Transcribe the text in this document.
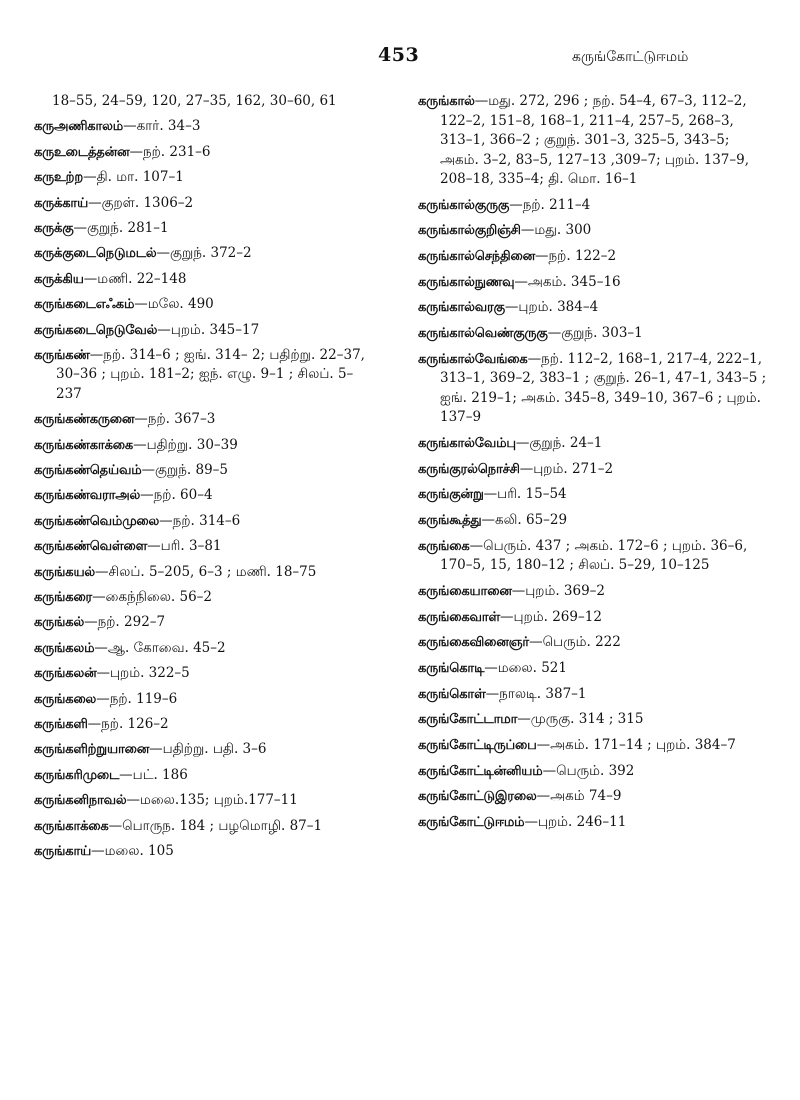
453	கருங்கோட்டுஈமம்
18–55, 24–59, 120, 27–35, 162, 30–60, 61
கருஅணிகாலம்—கார். 34–3
கருஉடைத்தன்ன—நற். 231–6
கருஉற்ற—தி. மா. 107–1
கருக்காய்—குறள். 1306–2
கருக்கு—குறுந். 281–1
கருக்குடைநெடுமடல்—குறுந். 372–2
கருக்கிய—மணி. 22–148
கருங்கடைஎஃகம்—மலே. 490
கருங்கடைநெடுவேல்—புறம். 345–17
கருங்கண்—நற். 314–6 ; ஐங். 314– 2; பதிற்று. 22–37, 30–36 ; புறம். 181–2; ஐந். எழு. 9–1 ; சிலப். 5–237
கருங்கண்கருனை—நற். 367–3
கருங்கண்காக்கை—பதிற்று. 30–39
கருங்கண்தெய்வம்—குறுந். 89–5
கருங்கண்வராஅல்—நற். 60–4
கருங்கண்வெம்முலை—நற். 314–6
கருங்கண்வெள்ளை—பரி. 3–81
கருங்கயல்—சிலப். 5–205, 6–3 ; மணி. 18–75
கருங்கரை—கைந்நிலை. 56–2
கருங்கல்—நற். 292–7
கருங்கலம்—ஆ. கோவை. 45–2
கருங்கலன்—புறம். 322–5
கருங்கலை—நற். 119–6
கருங்களி—நற். 126–2
கருங்களிற்றுயானை—பதிற்று. பதி. 3–6
கருங்கரிமுடை—பட். 186
கருங்கனிநாவல்—மலை.135; புறம்.177–11
கருங்காக்கை—பொருந. 184 ; பழமொழி. 87–1
கருங்காய்—மலை. 105
கருங்கால்—மது. 272, 296 ; நற். 54–4, 67–3, 112–2, 122–2, 151–8, 168–1, 211–4, 257–5, 268–3, 313–1, 366–2 ; குறுந். 301–3, 325–5, 343–5; அகம். 3–2, 83–5, 127–13 ,309–7; புறம். 137–9, 208–18, 335–4; தி. மொ. 16–1
கருங்கால்குருகு—நற். 211–4
கருங்கால்குறிஞ்சி—மது. 300
கருங்கால்செந்தினை—நற். 122–2
கருங்கால்நுணவு—அகம். 345–16
கருங்கால்வரகு—புறம். 384–4
கருங்கால்வெண்குருகு—குறுந். 303–1
கருங்கால்வேங்கை—நற். 112–2, 168–1, 217–4, 222–1, 313–1, 369–2, 383–1 ; குறுந். 26–1, 47–1, 343–5 ; ஐங். 219–1; அகம். 345–8, 349–10, 367–6 ; புறம். 137–9
கருங்கால்வேம்பு—குறுந். 24–1
கருங்குரல்நொச்சி—புறம். 271–2
கருங்குன்று—பரி. 15–54
கருங்கூத்து—கலி. 65–29
கருங்கை—பெரும். 437 ; அகம். 172–6 ; புறம். 36–6, 170–5, 15, 180–12 ; சிலப். 5–29, 10–125
கருங்கையானை—புறம். 369–2
கருங்கைவாள்—புறம். 269–12
கருங்கைவினைஞர்—பெரும். 222
கருங்கொடி—மலை. 521
கருங்கொள்—நாலடி. 387–1
கருங்கோட்டாமா—முருகு. 314 ; 315
கருங்கோட்டிருப்பை—அகம். 171–14 ; புறம். 384–7
கருங்கோட்டின்னியம்—பெரும். 392
கருங்கோட்டுஇரலை—அகம் 74–9
கருங்கோட்டுஈமம்—புறம். 246–11
